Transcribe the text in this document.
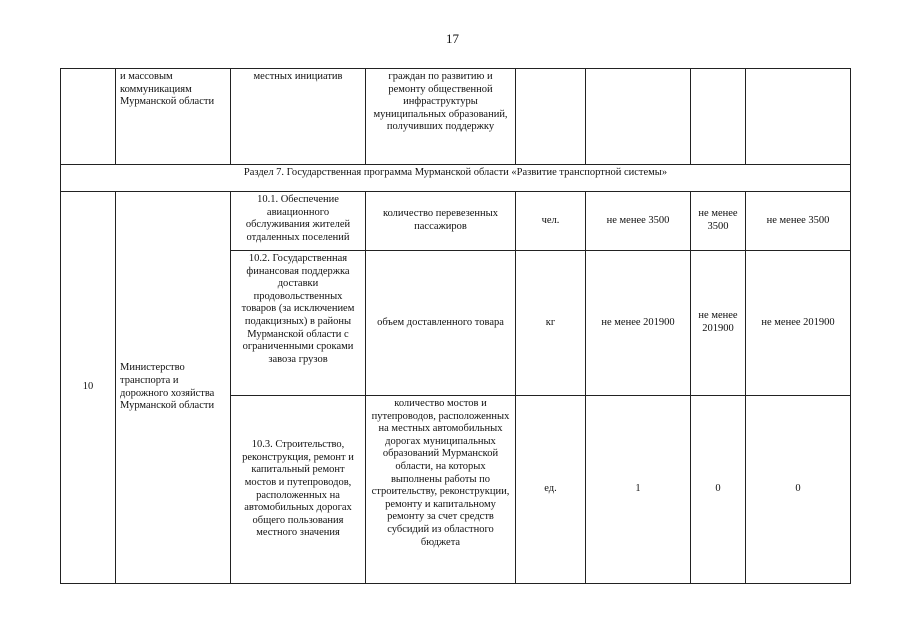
17
	и массовым коммуникациям Мурманской области	местных инициатив	граждан по развитию и ремонту общественной инфраструктуры муниципальных образований, получивших поддержку				
Раздел 7. Государственная программа Мурманской области «Развитие транспортной системы»							
10	Министерство транспорта и дорожного хозяйства Мурманской области	10.1. Обеспечение авиационного обслуживания жителей отдаленных поселений	количество перевезенных пассажиров	чел.	не менее 3500	не менее 3500	не менее 3500
		10.2. Государственная финансовая поддержка доставки продовольственных товаров (за исключением подакцизных) в районы Мурманской области с ограниченными сроками завоза грузов	объем доставленного товара	кг	не менее 201900	не менее 201900	не менее 201900
		10.3. Строительство, реконструкция, ремонт и капитальный ремонт мостов и путепроводов, расположенных на автомобильных дорогах общего пользования местного значения	количество мостов и путепроводов, расположенных на местных автомобильных дорогах муниципальных образований Мурманской области, на которых выполнены работы по строительству, реконструкции, ремонту и капитальному ремонту за счет средств субсидий из областного бюджета	ед.	1	0	0
